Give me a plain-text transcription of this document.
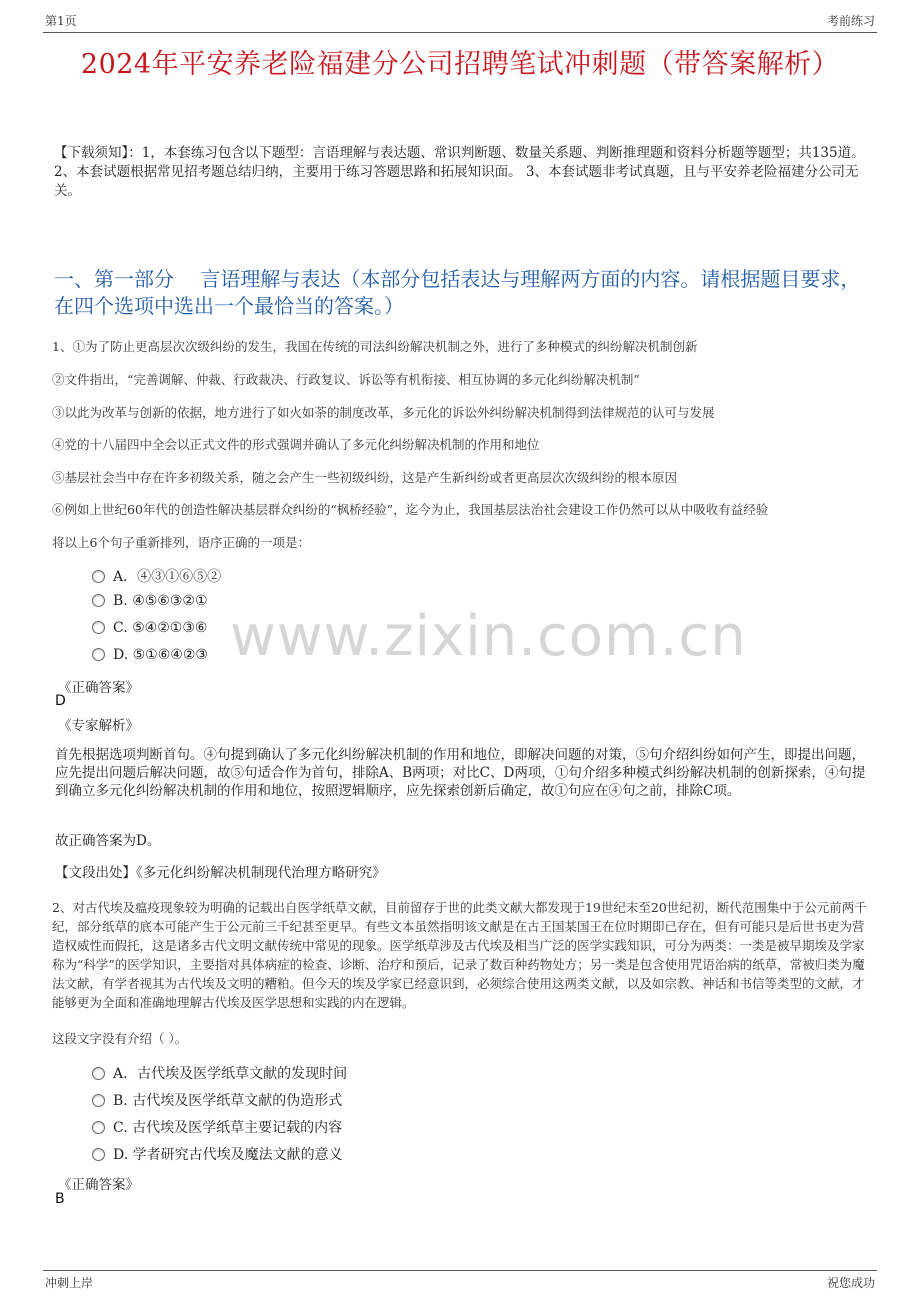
第1页	考前练习
2024年平安养老险福建分公司招聘笔试冲刺题（带答案解析）
【下载须知】：1，本套练习包含以下题型：言语理解与表达题、常识判断题、数量关系题、判断推理题和资料分析题等题型；共135道。 2、本套试题根据常见招考题总结归纳，主要用于练习答题思路和拓展知识面。 3、本套试题非考试真题，且与平安养老险福建分公司无关。
一、第一部分　 言语理解与表达（本部分包括表达与理解两方面的内容。请根据题目要求，在四个选项中选出一个最恰当的答案。）
1、①为了防止更高层次次级纠纷的发生，我国在传统的司法纠纷解决机制之外，进行了多种模式的纠纷解决机制创新
②文件指出，“完善调解、仲裁、行政裁决、行政复议、诉讼等有机衔接、相互协调的多元化纠纷解决机制”
③以此为改革与创新的依据，地方进行了如火如荼的制度改革，多元化的诉讼外纠纷解决机制得到法律规范的认可与发展
④党的十八届四中全会以正式文件的形式强调并确认了多元化纠纷解决机制的作用和地位
⑤基层社会当中存在许多初级关系，随之会产生一些初级纠纷，这是产生新纠纷或者更高层次次级纠纷的根本原因
⑥例如上世纪60年代的创造性解决基层群众纠纷的“枫桥经验”，迄今为止，我国基层法治社会建设工作仍然可以从中吸收有益经验
将以上6个句子重新排列，语序正确的一项是：
A．④③①⑥⑤②
B. ④⑤⑥③②①
C. ⑤④②①③⑥
D. ⑤①⑥④②③
《正确答案》
D
《专家解析》
首先根据选项判断首句。④句提到确认了多元化纠纷解决机制的作用和地位，即解决问题的对策，⑤句介绍纠纷如何产生，即提出问题，应先提出问题后解决问题，故⑤句适合作为首句，排除A、B两项；对比C、D两项，①句介绍多种模式纠纷解决机制的创新探索，④句提到确立多元化纠纷解决机制的作用和地位，按照逻辑顺序，应先探索创新后确定，故①句应在④句之前，排除C项。
故正确答案为D。
【文段出处】《多元化纠纷解决机制现代治理方略研究》
2、对古代埃及瘟疫现象较为明确的记载出自医学纸草文献，目前留存于世的此类文献大都发现于19世纪末至20世纪初，断代范围集中于公元前两千纪，部分纸草的底本可能产生于公元前三千纪甚至更早。有些文本虽然指明该文献是在古王国某国王在位时期即已存在，但有可能只是后世书吏为营造权威性而假托，这是诸多古代文明文献传统中常见的现象。医学纸草涉及古代埃及相当广泛的医学实践知识，可分为两类：一类是被早期埃及学家称为“科学”的医学知识，主要指对具体病症的检查、诊断、治疗和预后，记录了数百种药物处方；另一类是包含使用咒语治病的纸草，常被归类为魔法文献，有学者视其为古代埃及文明的糟粕。但今天的埃及学家已经意识到，必须综合使用这两类文献，以及如宗教、神话和书信等类型的文献，才能够更为全面和准确地理解古代埃及医学思想和实践的内在逻辑。
这段文字没有介绍（ ）。
A．古代埃及医学纸草文献的发现时间
B. 古代埃及医学纸草文献的伪造形式
C. 古代埃及医学纸草主要记载的内容
D. 学者研究古代埃及魔法文献的意义
《正确答案》
B
www.zixin.com.cn
冲刺上岸	祝您成功
